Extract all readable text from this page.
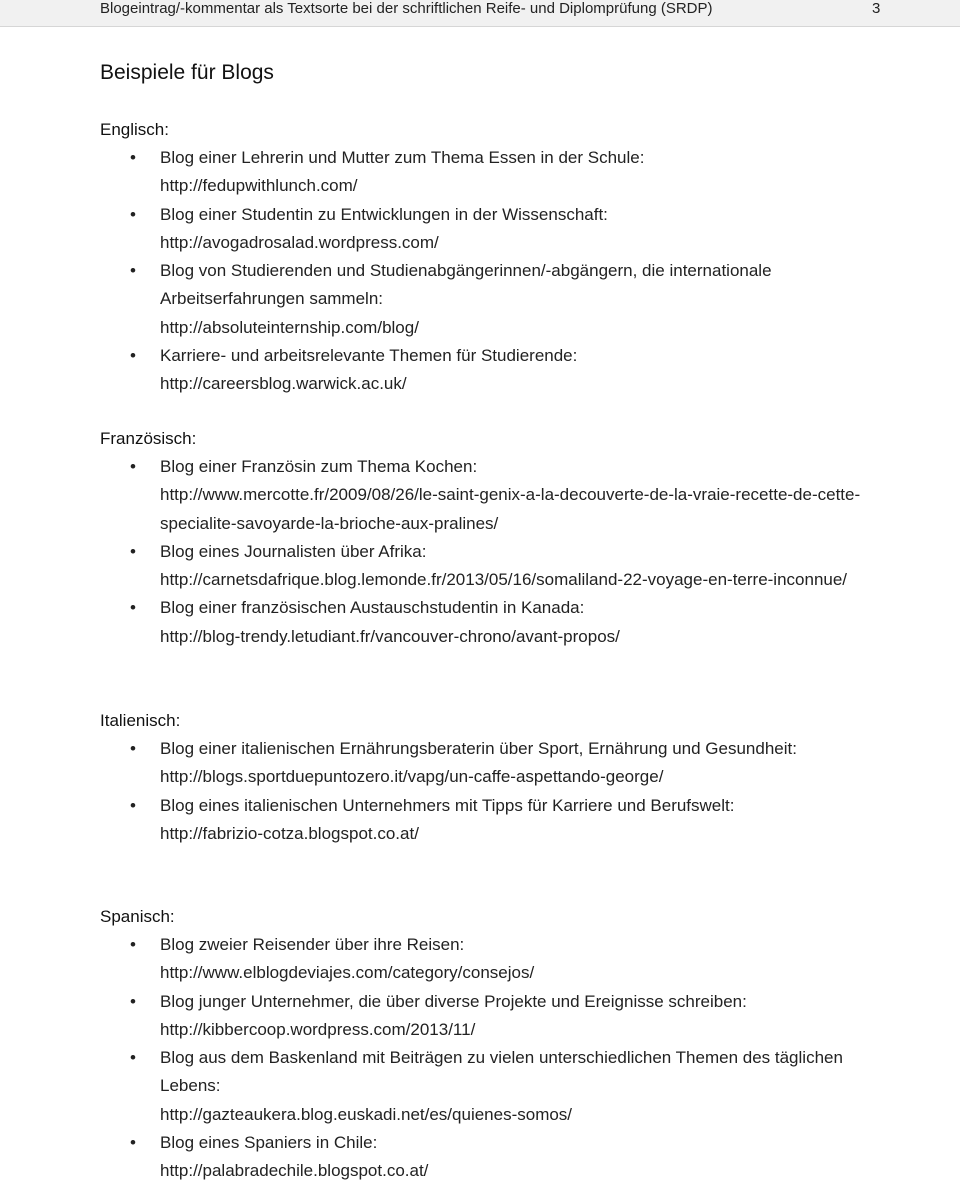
Blogeintrag/-kommentar als Textsorte bei der schriftlichen Reife- und Diplomprüfung (SRDP)	3
Beispiele für Blogs

Englisch:

• Blog einer Lehrerin und Mutter zum Thema Essen in der Schule:
http://fedupwithlunch.com/
• Blog einer Studentin zu Entwicklungen in der Wissenschaft:
http://avogadrosalad.wordpress.com/
• Blog von Studierenden und Studienabgängerinnen/-abgängern, die internationale Arbeitserfahrungen sammeln:
http://absoluteinternship.com/blog/
• Karriere- und arbeitsrelevante Themen für Studierende:
http://careersblog.warwick.ac.uk/

Französisch:

• Blog einer Französin zum Thema Kochen:
http://www.mercotte.fr/2009/08/26/le-saint-genix-a-la-decouverte-de-la-vraie-recette-de-cette-specialite-savoyarde-la-brioche-aux-pralines/
• Blog eines Journalisten über Afrika:
http://carnetsdafrique.blog.lemonde.fr/2013/05/16/somaliland-22-voyage-en-terre-inconnue/
• Blog einer französischen Austauschstudentin in Kanada:
http://blog-trendy.letudiant.fr/vancouver-chrono/avant-propos/

Italienisch:

• Blog einer italienischen Ernährungsberaterin über Sport, Ernährung und Gesundheit:
http://blogs.sportduepuntozero.it/vapg/un-caffe-aspettando-george/
• Blog eines italienischen Unternehmers mit Tipps für Karriere und Berufswelt:
http://fabrizio-cotza.blogspot.co.at/

Spanisch:

• Blog zweier Reisender über ihre Reisen:
http://www.elblogdeviajes.com/category/consejos/
• Blog junger Unternehmer, die über diverse Projekte und Ereignisse schreiben:
http://kibbercoop.wordpress.com/2013/11/
• Blog aus dem Baskenland mit Beiträgen zu vielen unterschiedlichen Themen des täglichen Lebens:
http://gazteaukera.blog.euskadi.net/es/quienes-somos/
• Blog eines Spaniers in Chile:
http://palabradechile.blogspot.co.at/
